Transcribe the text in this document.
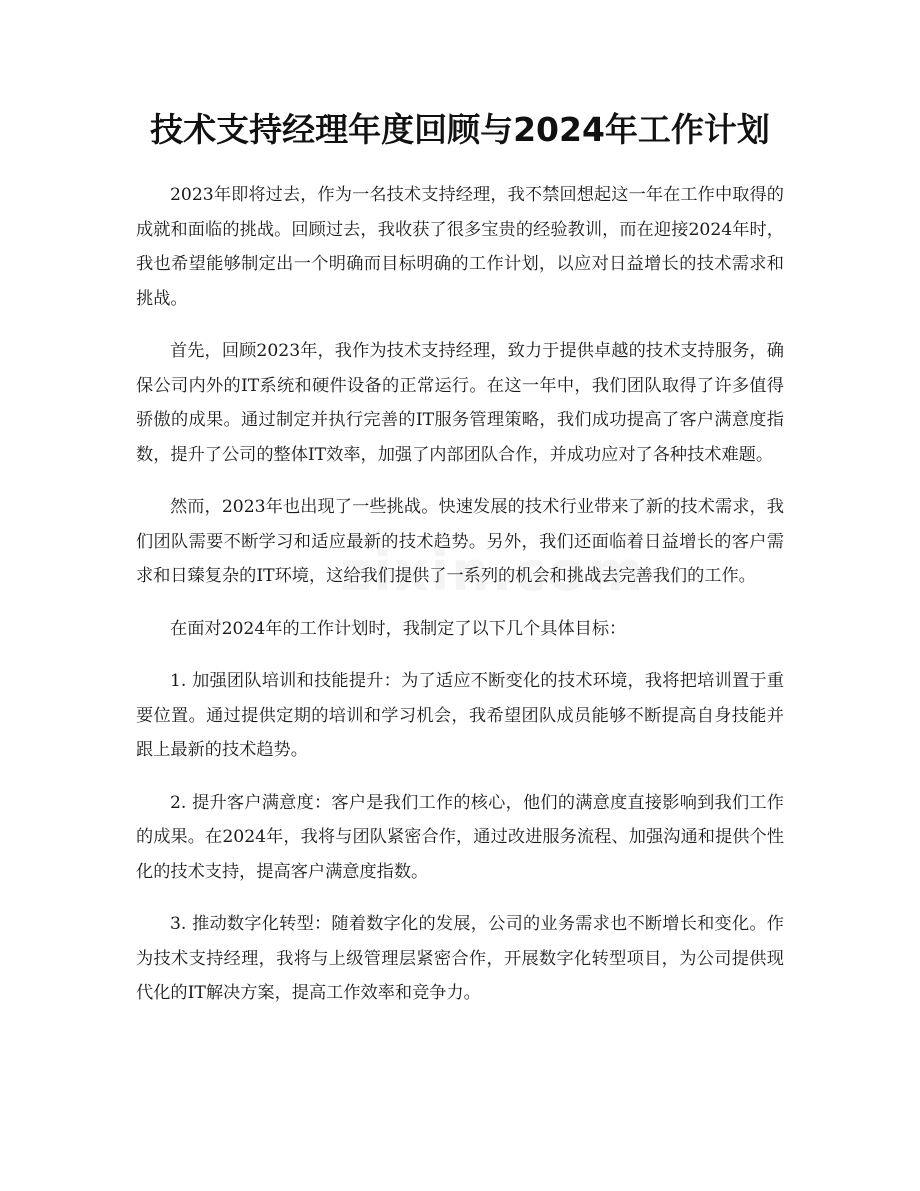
技术支持经理年度回顾与2024年工作计划

2023年即将过去，作为一名技术支持经理，我不禁回想起这一年在工作中取得的成就和面临的挑战。回顾过去，我收获了很多宝贵的经验教训，而在迎接2024年时，我也希望能够制定出一个明确而目标明确的工作计划，以应对日益增长的技术需求和挑战。

首先，回顾2023年，我作为技术支持经理，致力于提供卓越的技术支持服务，确保公司内外的IT系统和硬件设备的正常运行。在这一年中，我们团队取得了许多值得骄傲的成果。通过制定并执行完善的IT服务管理策略，我们成功提高了客户满意度指数，提升了公司的整体IT效率，加强了内部团队合作，并成功应对了各种技术难题。

然而，2023年也出现了一些挑战。快速发展的技术行业带来了新的技术需求，我们团队需要不断学习和适应最新的技术趋势。另外，我们还面临着日益增长的客户需求和日臻复杂的IT环境，这给我们提供了一系列的机会和挑战去完善我们的工作。

在面对2024年的工作计划时，我制定了以下几个具体目标：

1. 加强团队培训和技能提升：为了适应不断变化的技术环境，我将把培训置于重要位置。通过提供定期的培训和学习机会，我希望团队成员能够不断提高自身技能并跟上最新的技术趋势。

2. 提升客户满意度：客户是我们工作的核心，他们的满意度直接影响到我们工作的成果。在2024年，我将与团队紧密合作，通过改进服务流程、加强沟通和提供个性化的技术支持，提高客户满意度指数。

3. 推动数字化转型：随着数字化的发展，公司的业务需求也不断增长和变化。作为技术支持经理，我将与上级管理层紧密合作，开展数字化转型项目，为公司提供现代化的IT解决方案，提高工作效率和竞争力。
